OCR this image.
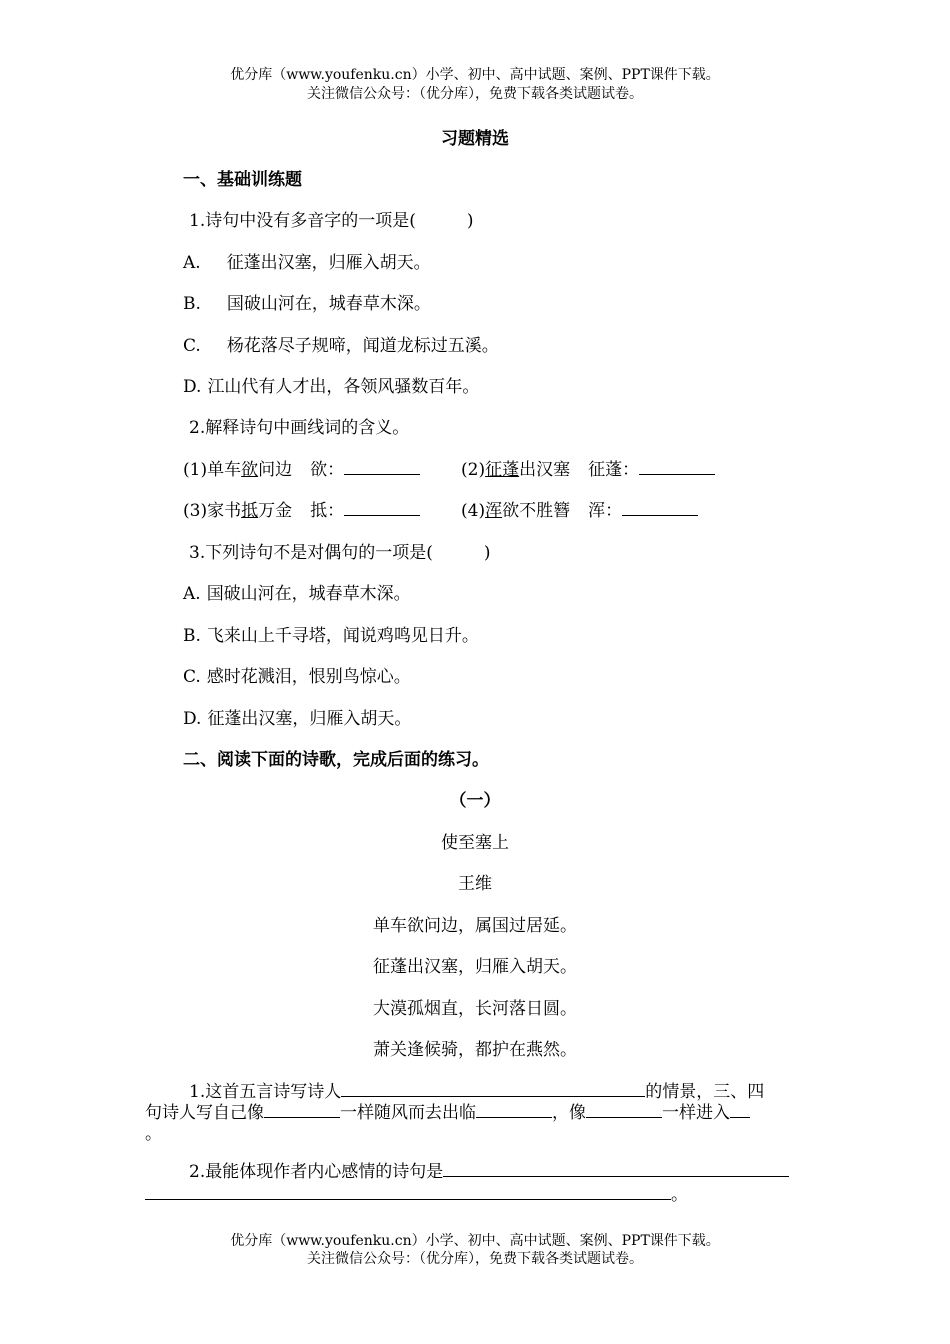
优分库（www.youfenku.cn）小学、初中、高中试题、案例、PPT课件下载。
关注微信公众号：（优分库），免费下载各类试题试卷。
习题精选
一、基础训练题
1.诗句中没有多音字的一项是(　　　)
A. 征蓬出汉塞，归雁入胡天。
B. 国破山河在，城春草木深。
C. 杨花落尽子规啼，闻道龙标过五溪。
D. 江山代有人才出，各领风骚数百年。
2.解释诗句中画线词的含义。
(1)单车欲问边 欲：	(2)征蓬出汉塞 征蓬：
(3)家书抵万金 抵：	(4)浑欲不胜簪 浑：
3.下列诗句不是对偶句的一项是(　　　)
A. 国破山河在，城春草木深。
B. 飞来山上千寻塔，闻说鸡鸣见日升。
C. 感时花溅泪，恨别鸟惊心。
D. 征蓬出汉塞，归雁入胡天。
二、阅读下面的诗歌，完成后面的练习。
（一）
使至塞上
王维
单车欲问边，属国过居延。
征蓬出汉塞，归雁入胡天。
大漠孤烟直，长河落日圆。
萧关逢候骑，都护在燕然。
1.这首五言诗写诗人	的情景，三、四
句诗人写自己像	一样随风而去出临	，像	一样进入
。
2.最能体现作者内心感情的诗句是
。
优分库（www.youfenku.cn）小学、初中、高中试题、案例、PPT课件下载。
关注微信公众号：（优分库），免费下载各类试题试卷。
